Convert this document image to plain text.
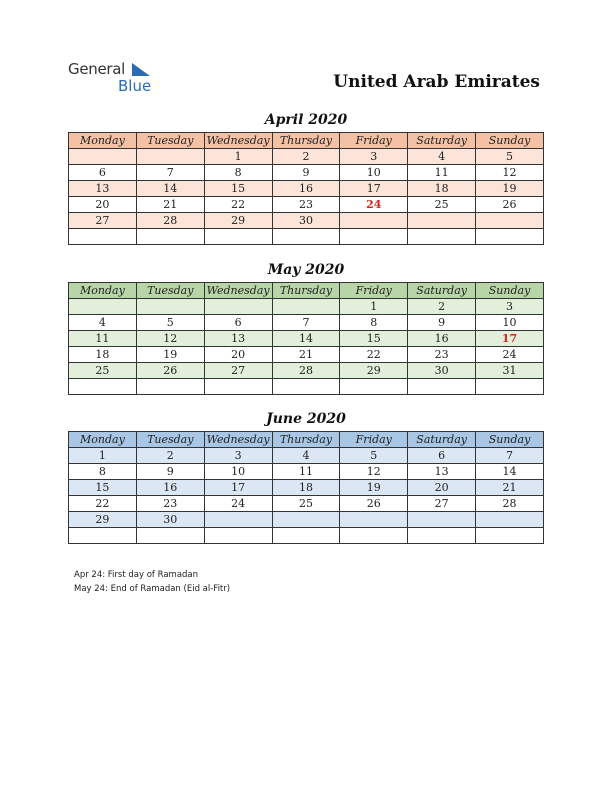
General
Blue	United Arab Emirates
April 2020
Monday	Tuesday	Wednesday	Thursday	Friday	Saturday	Sunday
		1	2	3	4	5
6	7	8	9	10	11	12
13	14	15	16	17	18	19
20	21	22	23	24	25	26
27	28	29	30			

May 2020
Monday	Tuesday	Wednesday	Thursday	Friday	Saturday	Sunday
				1	2	3
4	5	6	7	8	9	10
11	12	13	14	15	16	17
18	19	20	21	22	23	24
25	26	27	28	29	30	31

June 2020
Monday	Tuesday	Wednesday	Thursday	Friday	Saturday	Sunday
1	2	3	4	5	6	7
8	9	10	11	12	13	14
15	16	17	18	19	20	21
22	23	24	25	26	27	28
29	30					

Apr 24: First day of Ramadan
May 24: End of Ramadan (Eid al-Fitr)
